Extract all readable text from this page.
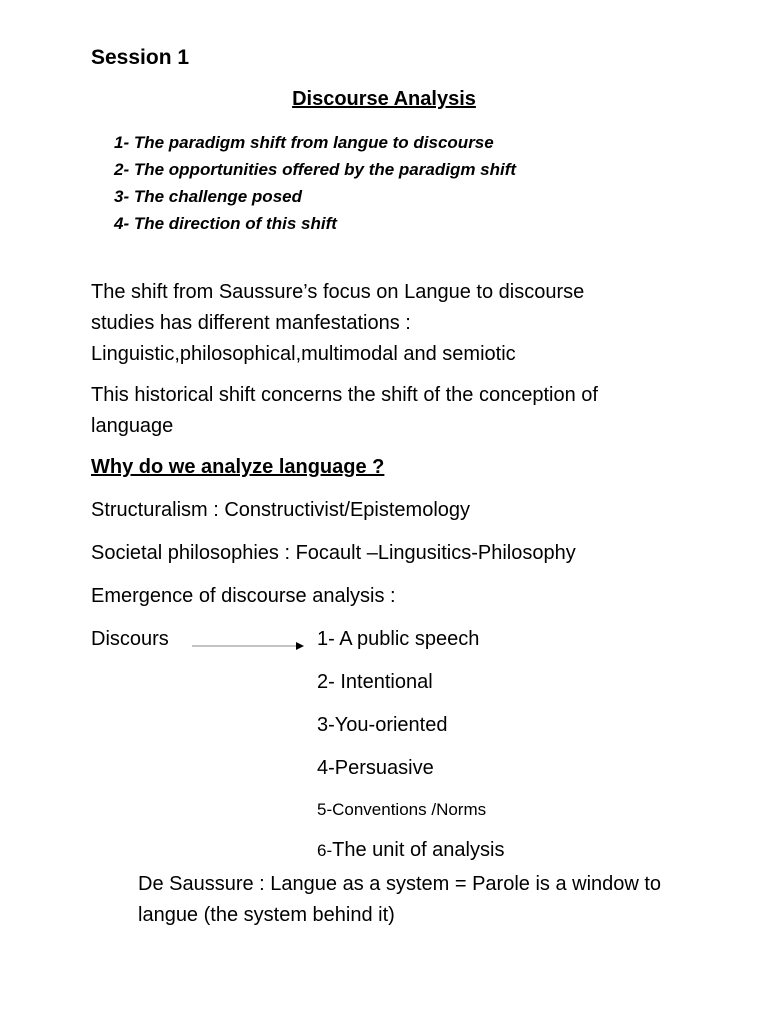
Session 1
Discourse Analysis
1- The paradigm shift from langue to discourse
2- The opportunities offered by the paradigm shift
3- The challenge posed
4- The direction of this shift
The shift from Saussure’s focus on Langue to discourse
studies has different manfestations :
Linguistic,philosophical,multimodal and semiotic
This historical shift concerns the shift of the conception of
language
Why do we analyze language ?
Structuralism : Constructivist/Epistemology
Societal philosophies : Focault –Lingusitics-Philosophy
Emergence of discourse analysis :
Discours	1- A public speech
2- Intentional
3-You-oriented
4-Persuasive
5-Conventions /Norms
6-The unit of analysis
De Saussure : Langue as a system = Parole is a window to
langue (the system behind it)
